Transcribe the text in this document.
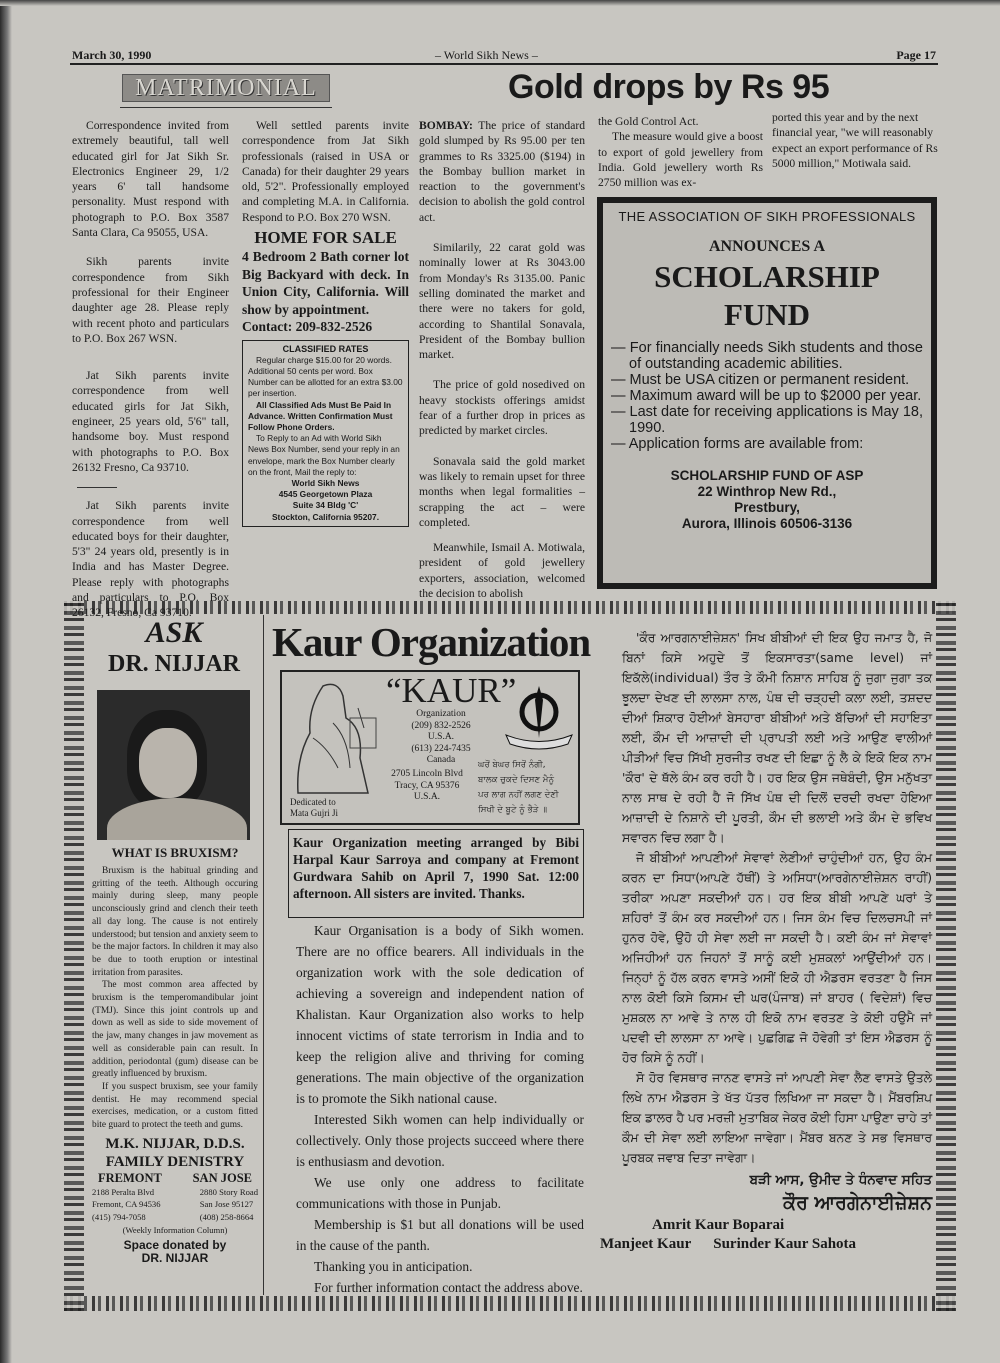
March 30, 1990	– World Sikh News –	Page 17
MATRIMONIAL	Gold drops by Rs 95

Correspondence invited from extremely beautiful, tall well educated girl for Jat Sikh Sr. Electronics Engineer 29, 1/2 years 6' tall handsome personality. Must respond with photograph to P.O. Box 3587 Santa Clara, Ca 95055, USA.

Sikh parents invite correspondence from Sikh professional for their Engineer daughter age 28. Please reply with recent photo and particulars to P.O. Box 267 WSN.

Jat Sikh parents invite correspondence from well educated girls for Jat Sikh, engineer, 25 years old, 5'6" tall, handsome boy. Must respond with photographs to P.O. Box 26132 Fresno, Ca 93710.

Jat Sikh parents invite correspondence from well educated boys for their daughter, 5'3" 24 years old, presently is in India and has Master Degree. Please reply with photographs and particulars to P.O. Box 26132, Fresno, Ca 93710.

Well settled parents invite correspondence from Jat Sikh professionals (raised in USA or Canada) for their daughter 29 years old, 5'2". Professionally employed and completing M.A. in California. Respond to P.O. Box 270 WSN.

HOME FOR SALE
4 Bedroom 2 Bath corner lot Big Backyard with deck. In Union City, California. Will show by appointment.
Contact: 209-832-2526
CLASSIFIED RATES
Regular charge $15.00 for 20 words. Additional 50 cents per word. Box Number can be allotted for an extra $3.00 per insertion.
All Classified Ads Must Be Paid In Advance. Written Confirmation Must Follow Phone Orders.
To Reply to an Ad with World Sikh News Box Number, send your reply in an envelope, mark the Box Number clearly on the front, Mail the reply to:
World Sikh News
4545 Georgetown Plaza
Suite 34 Bldg 'C'
Stockton, California 95207.

BOMBAY: The price of standard gold slumped by Rs 95.00 per ten grammes to Rs 3325.00 ($194) in the Bombay bullion market in reaction to the government's decision to abolish the gold control act.

Similarily, 22 carat gold was nominally lower at Rs 3043.00 from Monday's Rs 3135.00. Panic selling dominated the market and there were no takers for gold, according to Shantilal Sonavala, President of the Bombay bullion market.

The price of gold nosedived on heavy stockists offerings amidst fear of a further drop in prices as predicted by market circles.

Sonavala said the gold market was likely to remain upset for three months when legal formalities – scrapping the act – were completed.

Meanwhile, Ismail A. Motiwala, president of gold jewellery exporters, association, welcomed the decision to abolish

the Gold Control Act.

The measure would give a boost to export of gold jewellery from India. Gold jewellery worth Rs 2750 million was ex-

ported this year and by the next financial year, "we will reasonably expect an export performance of Rs 5000 million," Motiwala said.
THE ASSOCIATION OF SIKH PROFESSIONALS
ANNOUNCES A
SCHOLARSHIP
FUND
— For financially needs Sikh students and those of outstanding academic abilities.
— Must be USA citizen or permanent resident.
— Maximum award will be up to $2000 per year.
— Last date for receiving applications is May 18, 1990.
— Application forms are available from:
SCHOLARSHIP FUND OF ASP
22 Winthrop New Rd.,
Prestbury,
Aurora, Illinois 60506-3136
ASK
DR. NIJJAR
WHAT IS BRUXISM?

Bruxism is the habitual grinding and gritting of the teeth. Although occuring mainly during sleep, many people unconsciously grind and clench their teeth all day long. The cause is not entirely understood; but tension and anxiety seem to be the major factors. In children it may also be due to tooth eruption or intestinal irritation from parasites.

The most common area affected by bruxism is the temperomandibular joint (TMJ). Since this joint controls up and down as well as side to side movement of the jaw, many changes in jaw movement as well as considerable pain can result. In addition, periodontal (gum) disease can be greatly influenced by bruxism.

If you suspect bruxism, see your family dentist. He may recommend special exercises, medication, or a custom fitted bite guard to protect the teeth and gums.

M.K. NIJJAR, D.D.S.
FAMILY DENISTRY
FREMONT SAN JOSE
2188 Peralta Blvd
Fremont, CA 94536
(415) 794-7058
2880 Story Road
San Jose 95127
(408) 258-8664
(Weekly Information Column)
Space donated by
DR. NIJJAR
Kaur Organization
Dedicated to
Mata Gujri Ji
“KAUR”
Organization
(209) 832-2526
U.S.A.
(613) 224-7435
Canada
2705 Lincoln Blvd
Tracy, CA 95376
U.S.A.
ਘਰੋਂ ਬੇਘਰ ਸਿਰੋਂ ਨੰਗੀ,
ਬਾਲਕ ਚੁਕਦੇ ਦਿਸਣ ਮੈਨੂੰ
ਪਰ ਲਾਗ ਨਹੀਂ ਲਗਣ ਦੇਣੀ
ਸਿਖੀ ਦੇ ਬੂਟੇ ਨੂੰ ਭੈੜੇ ॥
Kaur Organization meeting arranged by Bibi Harpal Kaur Sarroya and company at Fremont Gurdwara Sahib on April 7, 1990 Sat. 12:00 afternoon. All sisters are invited. Thanks.

Kaur Organisation is a body of Sikh women. There are no office bearers. All individuals in the organization work with the sole dedication of achieving a sovereign and independent nation of Khalistan. Kaur Organization also works to help innocent victims of state terrorism in India and to keep the religion alive and thriving for coming generations. The main objective of the organization is to promote the Sikh national cause.

Interested Sikh women can help individually or collectively. Only those projects succeed where there is enthusiasm and devotion.

We use only one address to facilitate communications with those in Punjab.

Membership is $1 but all donations will be used in the cause of the panth.

Thanking you in anticipation.

For further information contact the address above.

'ਕੌਰ ਆਰਗਨਾਈਜ਼ੇਸ਼ਨ' ਸਿਖ ਬੀਬੀਆਂ ਦੀ ਇਕ ਉਹ ਜਮਾਤ ਹੈ, ਜੋ ਬਿਨਾਂ ਕਿਸੇ ਅਹੁਦੇ ਤੋਂ ਇਕਸਾਰਤਾ(same level) ਜਾਂ ਇਕੱਲੇ(individual) ਤੌਰ ਤੇ ਕੌਮੀ ਨਿਸ਼ਾਨ ਸਾਹਿਬ ਨੂੰ ਜੁਗਾ ਜੁਗਾ ਤਕ ਝੂਲਦਾ ਦੇਖਣ ਦੀ ਲਾਲਸਾ ਨਾਲ, ਪੰਥ ਦੀ ਚੜ੍ਹਦੀ ਕਲਾ ਲਈ, ਤਸ਼ਦਦ ਦੀਆਂ ਸ਼ਿਕਾਰ ਹੋਈਆਂ ਬੇਸਹਾਰਾ ਬੀਬੀਆਂ ਅਤੇ ਬੱਚਿਆਂ ਦੀ ਸਹਾਇਤਾ ਲਈ, ਕੌਮ ਦੀ ਆਜ਼ਾਦੀ ਦੀ ਪ੍ਰਾਪਤੀ ਲਈ ਅਤੇ ਆਉਣ ਵਾਲੀਆਂ ਪੀੜੀਆਂ ਵਿਚ ਸਿੱਖੀ ਸੁਰਜੀਤ ਰਖਣ ਦੀ ਇਛਾ ਨੂੰ ਲੈ ਕੇ ਇਕੋ ਇਕ ਨਾਮ 'ਕੌਰ' ਦੇ ਥੱਲੇ ਕੰਮ ਕਰ ਰਹੀ ਹੈ। ਹਰ ਇਕ ਉਸ ਜਥੇਬੰਦੀ, ਉਸ ਮਨੁੱਖਤਾ ਨਾਲ ਸਾਥ ਦੇ ਰਹੀ ਹੈ ਜੋ ਸਿੱਖ ਪੰਥ ਦੀ ਦਿਲੋਂ ਦਰਦੀ ਰਖਦਾ ਹੋਇਆ ਆਜ਼ਾਦੀ ਦੇ ਨਿਸ਼ਾਨੇ ਦੀ ਪੂਰਤੀ, ਕੌਮ ਦੀ ਭਲਾਈ ਅਤੇ ਕੌਮ ਦੇ ਭਵਿਖ ਸਵਾਰਨ ਵਿਚ ਲਗਾ ਹੈ।

ਜੋ ਬੀਬੀਆਂ ਆਪਣੀਆਂ ਸੇਵਾਵਾਂ ਲੇਣੀਆਂ ਚਾਹੁੰਦੀਆਂ ਹਨ, ਉਹ ਕੰਮ ਕਰਨ ਦਾ ਸਿਧਾ(ਆਪਣੇ ਹੱਥੀਂ) ਤੇ ਅਸਿਧਾ(ਆਰਗੇਨਾਈਜ਼ੇਸ਼ਨ ਰਾਹੀਂ) ਤਰੀਕਾ ਅਪਣਾ ਸਕਦੀਆਂ ਹਨ। ਹਰ ਇਕ ਬੀਬੀ ਆਪਣੇ ਘਰਾਂ ਤੇ ਸ਼ਹਿਰਾਂ ਤੋਂ ਕੰਮ ਕਰ ਸਕਦੀਆਂ ਹਨ। ਜਿਸ ਕੰਮ ਵਿਚ ਦਿਲਚਸਪੀ ਜਾਂ ਹੁਨਰ ਹੋਵੇ, ਉਹੋ ਹੀ ਸੇਵਾ ਲਈ ਜਾ ਸਕਦੀ ਹੈ। ਕਈ ਕੰਮ ਜਾਂ ਸੇਵਾਵਾਂ ਅਜਿਹੀਆਂ ਹਨ ਜਿਹਨਾਂ ਤੋਂ ਸਾਨੂੰ ਕਈ ਮੁਸ਼ਕਲਾਂ ਆਉਂਦੀਆਂ ਹਨ। ਜਿਨ੍ਹਾਂ ਨੂੰ ਹੱਲ ਕਰਨ ਵਾਸਤੇ ਅਸੀਂ ਇਕੋ ਹੀ ਐਡਰਸ ਵਰਤਣਾ ਹੈ ਜਿਸ ਨਾਲ ਕੋਈ ਕਿਸੇ ਕਿਸਮ ਦੀ ਘਰ(ਪੰਜਾਬ) ਜਾਂ ਬਾਹਰ ( ਵਿਦੇਸ਼ਾਂ) ਵਿਚ ਮੁਸ਼ਕਲ ਨਾ ਆਵੇ ਤੇ ਨਾਲ ਹੀ ਇਕੋ ਨਾਮ ਵਰਤਣ ਤੇ ਕੋਈ ਹਉਮੈ ਜਾਂ ਪਦਵੀ ਦੀ ਲਾਲਸਾ ਨਾ ਆਵੇ। ਪੁਛਗਿਛ ਜੋ ਹੋਵੇਗੀ ਤਾਂ ਇਸ ਐਡਰਸ ਨੂੰ ਹੋਰ ਕਿਸੇ ਨੂੰ ਨਹੀਂ।

ਸੋ ਹੋਰ ਵਿਸਥਾਰ ਜਾਨਣ ਵਾਸਤੇ ਜਾਂ ਆਪਣੀ ਸੇਵਾ ਲੈਣ ਵਾਸਤੇ ਉਤਲੇ ਲਿਖੇ ਨਾਮ ਐਡਰਸ ਤੇ ਖੱਤ ਪੱਤਰ ਲਿਖਿਆ ਜਾ ਸਕਦਾ ਹੈ। ਮੈਂਬਰਸ਼ਿਪ ਇਕ ਡਾਲਰ ਹੈ ਪਰ ਮਰਜ਼ੀ ਮੁਤਾਬਿਕ ਜੇਕਰ ਕੋਈ ਹਿਸਾ ਪਾਉਣਾ ਚਾਹੇ ਤਾਂ ਕੌਮ ਦੀ ਸੇਵਾ ਲਈ ਲਾਇਆ ਜਾਵੇਗਾ। ਮੈਂਬਰ ਬਨਣ ਤੇ ਸਭ ਵਿਸਥਾਰ ਪੂਰਬਕ ਜਵਾਬ ਦਿਤਾ ਜਾਵੇਗਾ।

ਬੜੀ ਆਸ, ਉਮੀਦ ਤੇ ਧੰਨਵਾਦ ਸਹਿਤ
ਕੌਰ ਆਰਗੇਨਾਈਜ਼ੇਸ਼ਨ
Amrit Kaur Boparai
Manjeet Kaur Surinder Kaur Sahota
